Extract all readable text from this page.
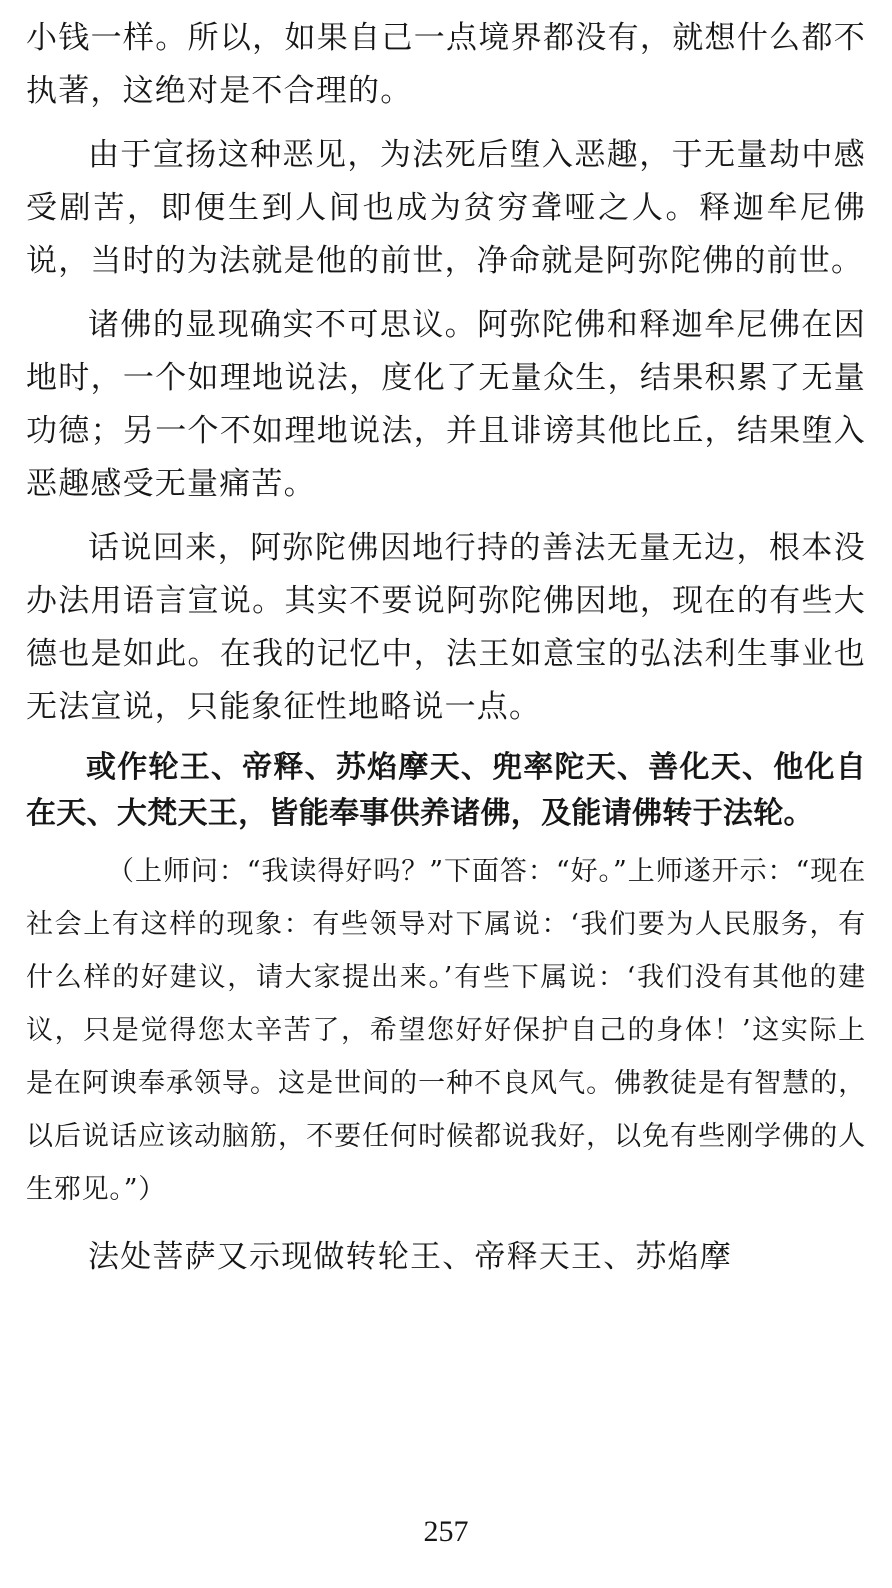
小钱一样。所以，如果自己一点境界都没有，就想什么都不执著，这绝对是不合理的。

由于宣扬这种恶见，为法死后堕入恶趣，于无量劫中感受剧苦，即便生到人间也成为贫穷聋哑之人。释迦牟尼佛说，当时的为法就是他的前世，净命就是阿弥陀佛的前世。

诸佛的显现确实不可思议。阿弥陀佛和释迦牟尼佛在因地时，一个如理地说法，度化了无量众生，结果积累了无量功德；另一个不如理地说法，并且诽谤其他比丘，结果堕入恶趣感受无量痛苦。

话说回来，阿弥陀佛因地行持的善法无量无边，根本没办法用语言宣说。其实不要说阿弥陀佛因地，现在的有些大德也是如此。在我的记忆中，法王如意宝的弘法利生事业也无法宣说，只能象征性地略说一点。

或作轮王、帝释、苏焰摩天、兜率陀天、善化天、他化自在天、大梵天王，皆能奉事供养诸佛，及能请佛转于法轮。

（上师问：“我读得好吗？”下面答：“好。”上师遂开示：“现在社会上有这样的现象：有些领导对下属说：‘我们要为人民服务，有什么样的好建议，请大家提出来。’有些下属说：‘我们没有其他的建议，只是觉得您太辛苦了，希望您好好保护自己的身体！’这实际上是在阿谀奉承领导。这是世间的一种不良风气。佛教徒是有智慧的，以后说话应该动脑筋，不要任何时候都说我好，以免有些刚学佛的人生邪见。”）

法处菩萨又示现做转轮王、帝释天王、苏焰摩

257
